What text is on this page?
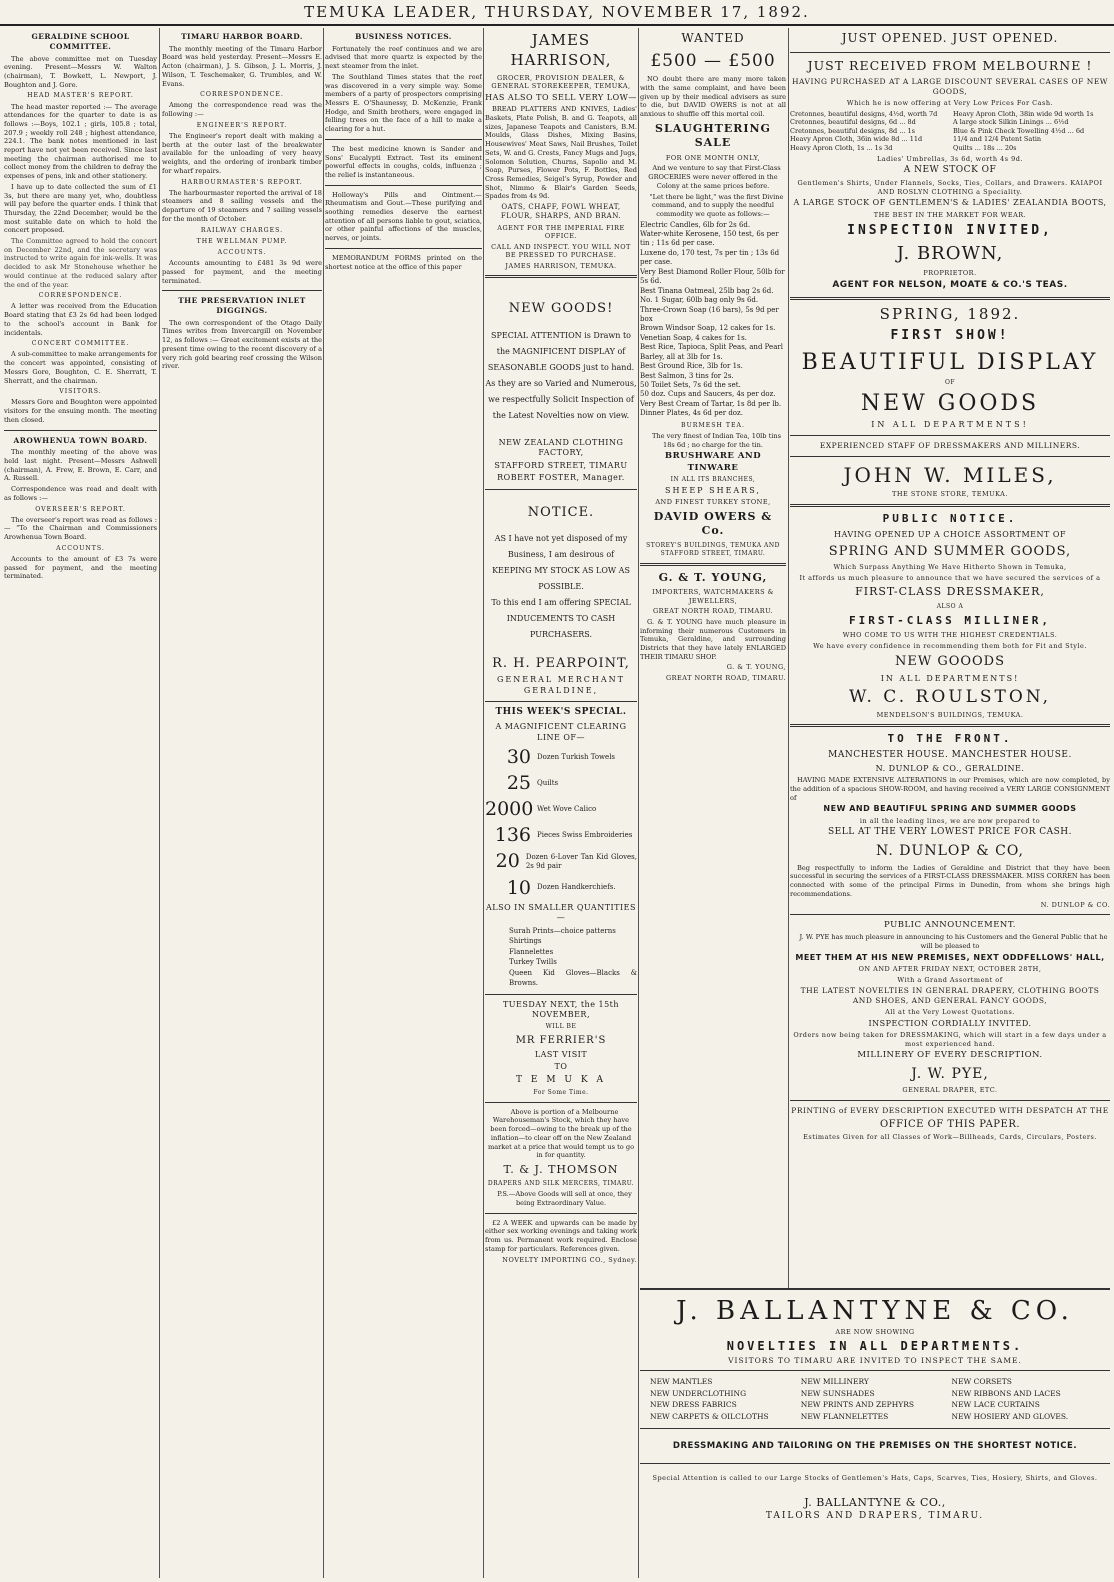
TEMUKA LEADER, THURSDAY, NOVEMBER 17, 1892.
GERALDINE SCHOOL COMMITTEE.

The above committee met on Tuesday evening. Present—Messrs W. Walton (chairman), T. Bowkett, L. Newport, J. Boughton and J. Gore.

HEAD MASTER'S REPORT.

The head master reported :— The average attendances for the quarter to date is as follows :—Boys, 102.1 ; girls, 105.8 ; total, 207.9 ; weekly roll 248 ; highest attendance, 224.1. The bank notes mentioned in last report have not yet been received. Since last meeting the chairman authorised me to collect money from the children to defray the expenses of pens, ink and other stationery.

I have up to date collected the sum of £1 3s, but there are many yet, who, doubtless will pay before the quarter ends. I think that Thursday, the 22nd December, would be the most suitable date on which to hold the concert proposed.

The Committee agreed to hold the concert on December 22nd, and the secretary was instructed to write again for ink-wells. It was decided to ask Mr Stonehouse whether he would continue at the reduced salary after the end of the year.

CORRESPONDENCE.

A letter was received from the Education Board stating that £3 2s 6d had been lodged to the school's account in Bank for incidentals.

CONCERT COMMITTEE.

A sub-committee to make arrangements for the concert was appointed, consisting of Messrs Gore, Boughton, C. E. Sherratt, T. Sherratt, and the chairman.

VISITORS.

Messrs Gore and Boughton were appointed visitors for the ensuing month. The meeting then closed.

AROWHENUA TOWN BOARD.

The monthly meeting of the above was held last night. Present—Messrs Ashwell (chairman), A. Frew, E. Brown, E. Carr, and A. Russell.

Correspondence was read and dealt with as follows :—

OVERSEER'S REPORT.

The overseer's report was read as follows :— "To the Chairman and Commissioners Arowhenua Town Board.

ACCOUNTS.

Accounts to the amount of £3 7s were passed for payment, and the meeting terminated.

TIMARU HARBOR BOARD.

The monthly meeting of the Timaru Harbor Board was held yesterday. Present—Messrs E. Acton (chairman), J. S. Gibson, J. L. Morris, J. Wilson, T. Teschemaker, G. Trumbles, and W. Evans.

CORRESPONDENCE.

Among the correspondence read was the following :—

ENGINEER'S REPORT.

The Engineer's report dealt with making a berth at the outer last of the breakwater available for the unloading of very heavy weights, and the ordering of ironbark timber for wharf repairs.

HARBOURMASTER'S REPORT.

The harbourmaster reported the arrival of 18 steamers and 8 sailing vessels and the departure of 19 steamers and 7 sailing vessels for the month of October.

RAILWAY CHARGES.
THE WELLMAN PUMP.
ACCOUNTS.

Accounts amounting to £481 3s 9d were passed for payment, and the meeting terminated.

THE PRESERVATION INLET DIGGINGS.

The own correspondent of the Otago Daily Times writes from Invercargill on November 12, as follows :— Great excitement exists at the present time owing to the recent discovery of a very rich gold bearing reef crossing the Wilson river.

BUSINESS NOTICES.

Fortunately the reef continues and we are advised that more quartz is expected by the next steamer from the inlet.

The Southland Times states that the reef was discovered in a very simple way. Some members of a party of prospectors comprising Messrs E. O'Shaunessy, D. McKenzie, Frank Hodge, and Smith brothers, were engaged in felling trees on the face of a hill to make a clearing for a hut.

The best medicine known is Sander and Sons' Eucalypti Extract. Test its eminent powerful effects in coughs, colds, influenza ; the relief is instantaneous.

Holloway's Pills and Ointment.—Rheumatism and Gout.—These purifying and soothing remedies deserve the earnest attention of all persons liable to gout, sciatica, or other painful affections of the muscles, nerves, or joints.

MEMORANDUM FORMS printed on the shortest notice at the office of this paper

JAMES HARRISON,
GROCER, PROVISION DEALER, & GENERAL STOREKEEPER, TEMUKA,
HAS ALSO TO SELL VERY LOW—

BREAD PLATTERS AND KNIVES, Ladies' Baskets, Plate Polish, B. and G. Teapots, all sizes, Japanese Teapots and Canisters, B.M. Moulds, Glass Dishes, Mixing Basins, Housewives' Meat Saws, Nail Brushes, Toilet Sets, W. and G. Crests, Fancy Mugs and Jugs, Solomon Solution, Churns, Sapolio and M. Soap, Purses, Flower Pots, F. Bottles, Red Cross Remedies, Seigel's Syrup, Powder and Shot, Nimmo & Blair's Garden Seeds, Spades from 4s 9d.

OATS, CHAFF, FOWL WHEAT, FLOUR, SHARPS, AND BRAN.
AGENT FOR THE IMPERIAL FIRE OFFICE.
CALL AND INSPECT. YOU WILL NOT BE PRESSED TO PURCHASE.
JAMES HARRISON, TEMUKA.
NEW GOODS!
SPECIAL ATTENTION is Drawn to the MAGNIFICENT DISPLAY of SEASONABLE GOODS just to hand. As they are so Varied and Numerous, we respectfully Solicit Inspection of the Latest Novelties now on view.
NEW ZEALAND CLOTHING FACTORY,
STAFFORD STREET, TIMARU
ROBERT FOSTER, Manager.
NOTICE.
AS I have not yet disposed of my Business, I am desirous of
KEEPING MY STOCK AS LOW AS POSSIBLE.
To this end I am offering SPECIAL INDUCEMENTS TO CASH PURCHASERS.
R. H. PEARPOINT,
GENERAL MERCHANT GERALDINE,
THIS WEEK'S SPECIAL.
A MAGNIFICENT CLEARING LINE OF—
30 Dozen Turkish Towels
25 Quilts
2000 Wet Wove Calico
136 Pieces Swiss Embroideries
20 Dozen 6-Lover Tan Kid Gloves, 2s 9d pair
10 Dozen Handkerchiefs.
ALSO IN SMALLER QUANTITIES—
Surah Prints—choice patterns
Shirtings
Flannelettes
Turkey Twills
Queen Kid Gloves—Blacks & Browns.
TUESDAY NEXT, the 15th NOVEMBER,
WILL BE
MR FERRIER'S
LAST VISIT
TO
T E M U K A
For Some Time.

Above is portion of a Melbourne Warehouseman's Stock, which they have been forced—owing to the break up of the inflation—to clear off on the New Zealand market at a price that would tempt us to go in for quantity.

T. & J. THOMSON
DRAPERS AND SILK MERCERS, TIMARU.

P.S.—Above Goods will sell at once, they being Extraordinary Value.

£2 A WEEK and upwards can be made by either sex working evenings and taking work from us. Permanent work required. Enclose stamp for particulars. References given.

NOVELTY IMPORTING CO., Sydney.
WANTED
£500 — £500

NO doubt there are many more taken with the same complaint, and have been given up by their medical advisers as sure to die, but DAVID OWERS is not at all anxious to shuffle off this mortal coil.

SLAUGHTERING SALE
FOR ONE MONTH ONLY,

And we venture to say that First-Class GROCERIES were never offered in the Colony at the same prices before.

"Let there be light," was the first Divine command, and to supply the needful commodity we quote as follows:—

Electric Candles, 6lb for 2s 6d.
Water-white Kerosene, 150 test, 6s per tin ; 11s 6d per case.
Luxene do, 170 test, 7s per tin ; 13s 6d per case.
Very Best Diamond Roller Flour, 50lb for 5s 6d.
Best Tinana Oatmeal, 25lb bag 2s 6d.
No. 1 Sugar, 60lb bag only 9s 6d.
Three-Crown Soap (16 bars), 5s 9d per box
Brown Windsor Soap, 12 cakes for 1s.
Venetian Soap, 4 cakes for 1s.
Best Rice, Tapioca, Split Peas, and Pearl Barley, all at 3lb for 1s.
Best Ground Rice, 3lb for 1s.
Best Salmon, 3 tins for 2s.
50 Toilet Sets, 7s 6d the set.
50 doz. Cups and Saucers, 4s per doz.
Very Best Cream of Tartar, 1s 8d per lb.
Dinner Plates, 4s 6d per doz.
BURMESH TEA.

The very finest of Indian Tea, 10lb tins 18s 6d ; no charge for the tin.

BRUSHWARE AND TINWARE
IN ALL ITS BRANCHES,
SHEEP SHEARS,
AND FINEST TURKEY STONE,
DAVID OWERS & Co.
STOREY'S BUILDINGS, TEMUKA AND STAFFORD STREET, TIMARU.
G. & T. YOUNG,
IMPORTERS, WATCHMAKERS & JEWELLERS,
GREAT NORTH ROAD, TIMARU.

G. & T. YOUNG have much pleasure in informing their numerous Customers in Temuka, Geraldine, and surrounding Districts that they have lately ENLARGED THEIR TIMARU SHOP.

G. & T. YOUNG,
GREAT NORTH ROAD, TIMARU.
JUST OPENED. JUST OPENED.
JUST RECEIVED FROM MELBOURNE !
HAVING PURCHASED AT A LARGE DISCOUNT SEVERAL CASES OF NEW GOODS,
Which he is now offering at Very Low Prices For Cash.
Cretonnes, beautiful designs, 4½d, worth 7d	Heavy Apron Cloth, 38in wide 9d worth 1s
Cretonnes, beautiful designs, 6d ... 8d	A large stock Silkin Linings ... 6½d
Cretonnes, beautiful designs, 8d ... 1s	Blue & Pink Check Towelling 4½d ... 6d
Heavy Apron Cloth, 36in wide 8d ... 11d	11/4 and 12/4 Patent Satin
Heavy Apron Cloth, 1s ... 1s 3d	Quilts ... 18s ... 20s
Ladies' Umbrellas, 3s 6d, worth 4s 9d.
A NEW STOCK OF
Gentlemen's Shirts, Under Flannels, Socks, Ties, Collars, and Drawers. KAIAPOI AND ROSLYN CLOTHING a Speciality.
A LARGE STOCK OF GENTLEMEN'S & LADIES' ZEALANDIA BOOTS,
THE BEST IN THE MARKET FOR WEAR.
INSPECTION INVITED,
J. BROWN,
PROPRIETOR.
AGENT FOR NELSON, MOATE & CO.'S TEAS.
SPRING, 1892.
FIRST SHOW!
BEAUTIFUL DISPLAY
OF
NEW GOODS
IN ALL DEPARTMENTS!
EXPERIENCED STAFF OF DRESSMAKERS AND MILLINERS.
JOHN W. MILES,
THE STONE STORE, TEMUKA.
PUBLIC NOTICE.
HAVING OPENED UP A CHOICE ASSORTMENT OF
SPRING AND SUMMER GOODS,
Which Surpass Anything We Have Hitherto Shown in Temuka,
It affords us much pleasure to announce that we have secured the services of a
FIRST-CLASS DRESSMAKER,
ALSO A
FIRST-CLASS MILLINER,
WHO COME TO US WITH THE HIGHEST CREDENTIALS.
We have every confidence in recommending them both for Fit and Style.
NEW GOOODS
IN ALL DEPARTMENTS!
W. C. ROULSTON,
MENDELSON'S BUILDINGS, TEMUKA.
TO THE FRONT.
MANCHESTER HOUSE. MANCHESTER HOUSE.
N. DUNLOP & CO., GERALDINE.

HAVING MADE EXTENSIVE ALTERATIONS in our Premises, which are now completed, by the addition of a spacious SHOW-ROOM, and having received a VERY LARGE CONSIGNMENT of

NEW AND BEAUTIFUL SPRING AND SUMMER GOODS
in all the leading lines, we are now prepared to
SELL AT THE VERY LOWEST PRICE FOR CASH.
N. DUNLOP & CO,

Beg respectfully to inform the Ladies of Geraldine and District that they have been successful in securing the services of a FIRST-CLASS DRESSMAKER. MISS CORREN has been connected with some of the principal Firms in Dunedin, from whom she brings high recommendations.

N. DUNLOP & CO.
PUBLIC ANNOUNCEMENT.

J. W. PYE has much pleasure in announcing to his Customers and the General Public that he will be pleased to

MEET THEM AT HIS NEW PREMISES, NEXT ODDFELLOWS' HALL,
ON AND AFTER FRIDAY NEXT, OCTOBER 28TH,
With a Grand Assortment of
THE LATEST NOVELTIES IN GENERAL DRAPERY, CLOTHING BOOTS AND SHOES, AND GENERAL FANCY GOODS,
All at the Very Lowest Quotations.
INSPECTION CORDIALLY INVITED.
Orders now being taken for DRESSMAKING, which will start in a few days under a most experienced hand.
MILLINERY OF EVERY DESCRIPTION.
J. W. PYE,
GENERAL DRAPER, ETC.
PRINTING of EVERY DESCRIPTION EXECUTED WITH DESPATCH AT THE
OFFICE OF THIS PAPER.
Estimates Given for all Classes of Work—Billheads, Cards, Circulars, Posters.
J. BALLANTYNE & CO.
ARE NOW SHOWING
NOVELTIES IN ALL DEPARTMENTS.
VISITORS TO TIMARU ARE INVITED TO INSPECT THE SAME.
NEW MANTLES	NEW MILLINERY	NEW CORSETS
NEW UNDERCLOTHING	NEW SUNSHADES	NEW RIBBONS AND LACES
NEW DRESS FABRICS	NEW PRINTS AND ZEPHYRS	NEW LACE CURTAINS
NEW CARPETS & OILCLOTHS	NEW FLANNELETTES	NEW HOSIERY AND GLOVES.
DRESSMAKING AND TAILORING ON THE PREMISES ON THE SHORTEST NOTICE.
Special Attention is called to our Large Stocks of Gentlemen's Hats, Caps, Scarves, Ties, Hosiery, Shirts, and Gloves.
J. BALLANTYNE & CO.,
TAILORS AND DRAPERS, TIMARU.
